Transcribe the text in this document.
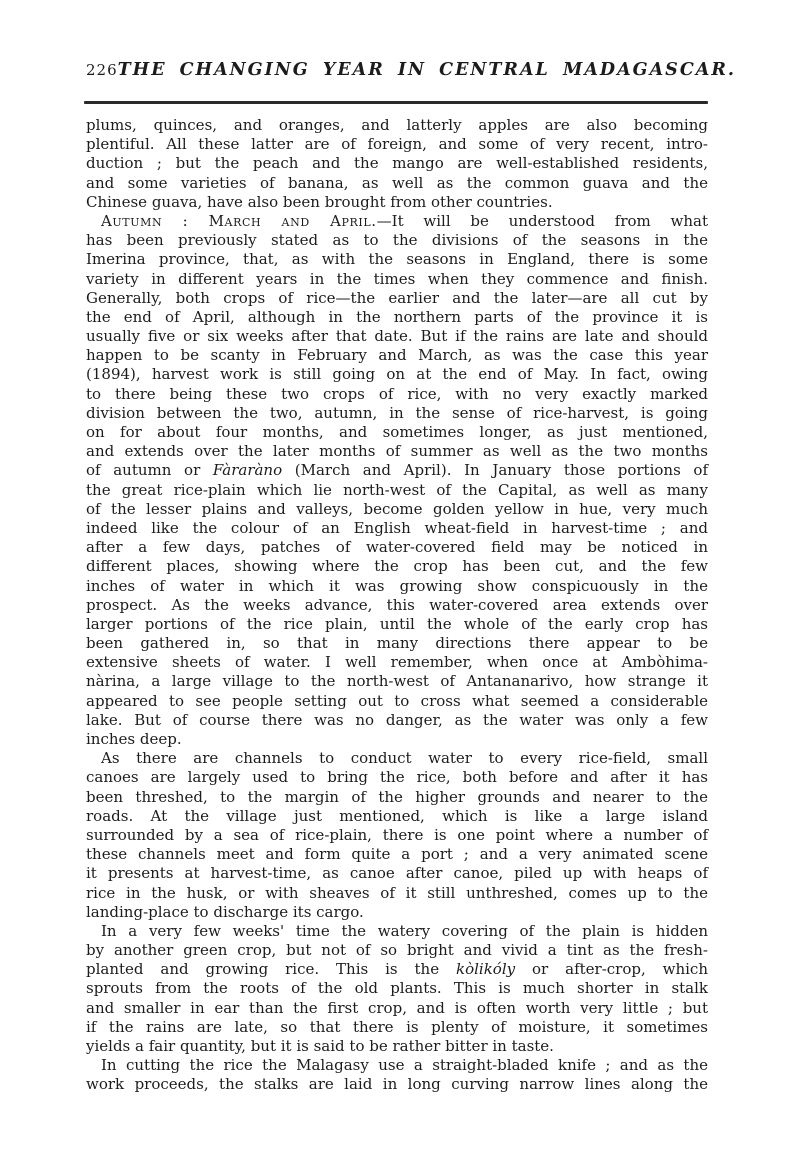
226 THE CHANGING YEAR IN CENTRAL MADAGASCAR.
plums, quinces, and oranges, and latterly apples are also becoming
plentiful. All these latter are of foreign, and some of very recent, intro-
duction ; but the peach and the mango are well-established residents,
and some varieties of banana, as well as the common guava and the
Chinese guava, have also been brought from other countries.
Autumn : March and April.—It will be understood from what
has been previously stated as to the divisions of the seasons in the
Imerina province, that, as with the seasons in England, there is some
variety in different years in the times when they commence and finish.
Generally, both crops of rice—the earlier and the later—are all cut by
the end of April, although in the northern parts of the province it is
usually five or six weeks after that date. But if the rains are late and should
happen to be scanty in February and March, as was the case this year
(1894), harvest work is still going on at the end of May. In fact, owing
to there being these two crops of rice, with no very exactly marked
division between the two, autumn, in the sense of rice-harvest, is going
on for about four months, and sometimes longer, as just mentioned,
and extends over the later months of summer as well as the two months
of autumn or Fàraràno (March and April). In January those portions of
the great rice-plain which lie north-west of the Capital, as well as many
of the lesser plains and valleys, become golden yellow in hue, very much
indeed like the colour of an English wheat-field in harvest-time ; and
after a few days, patches of water-covered field may be noticed in
different places, showing where the crop has been cut, and the few
inches of water in which it was growing show conspicuously in the
prospect. As the weeks advance, this water-covered area extends over
larger portions of the rice plain, until the whole of the early crop has
been gathered in, so that in many directions there appear to be
extensive sheets of water. I well remember, when once at Ambòhima-
nàrina, a large village to the north-west of Antananarivo, how strange it
appeared to see people setting out to cross what seemed a considerable
lake. But of course there was no danger, as the water was only a few
inches deep.
As there are channels to conduct water to every rice-field, small
canoes are largely used to bring the rice, both before and after it has
been threshed, to the margin of the higher grounds and nearer to the
roads. At the village just mentioned, which is like a large island
surrounded by a sea of rice-plain, there is one point where a number of
these channels meet and form quite a port ; and a very animated scene
it presents at harvest-time, as canoe after canoe, piled up with heaps of
rice in the husk, or with sheaves of it still unthreshed, comes up to the
landing-place to discharge its cargo.
In a very few weeks' time the watery covering of the plain is hidden
by another green crop, but not of so bright and vivid a tint as the fresh-
planted and growing rice. This is the kòlikóly or after-crop, which
sprouts from the roots of the old plants. This is much shorter in stalk
and smaller in ear than the first crop, and is often worth very little ; but
if the rains are late, so that there is plenty of moisture, it sometimes
yields a fair quantity, but it is said to be rather bitter in taste.
In cutting the rice the Malagasy use a straight-bladed knife ; and as the
work proceeds, the stalks are laid in long curving narrow lines along the
